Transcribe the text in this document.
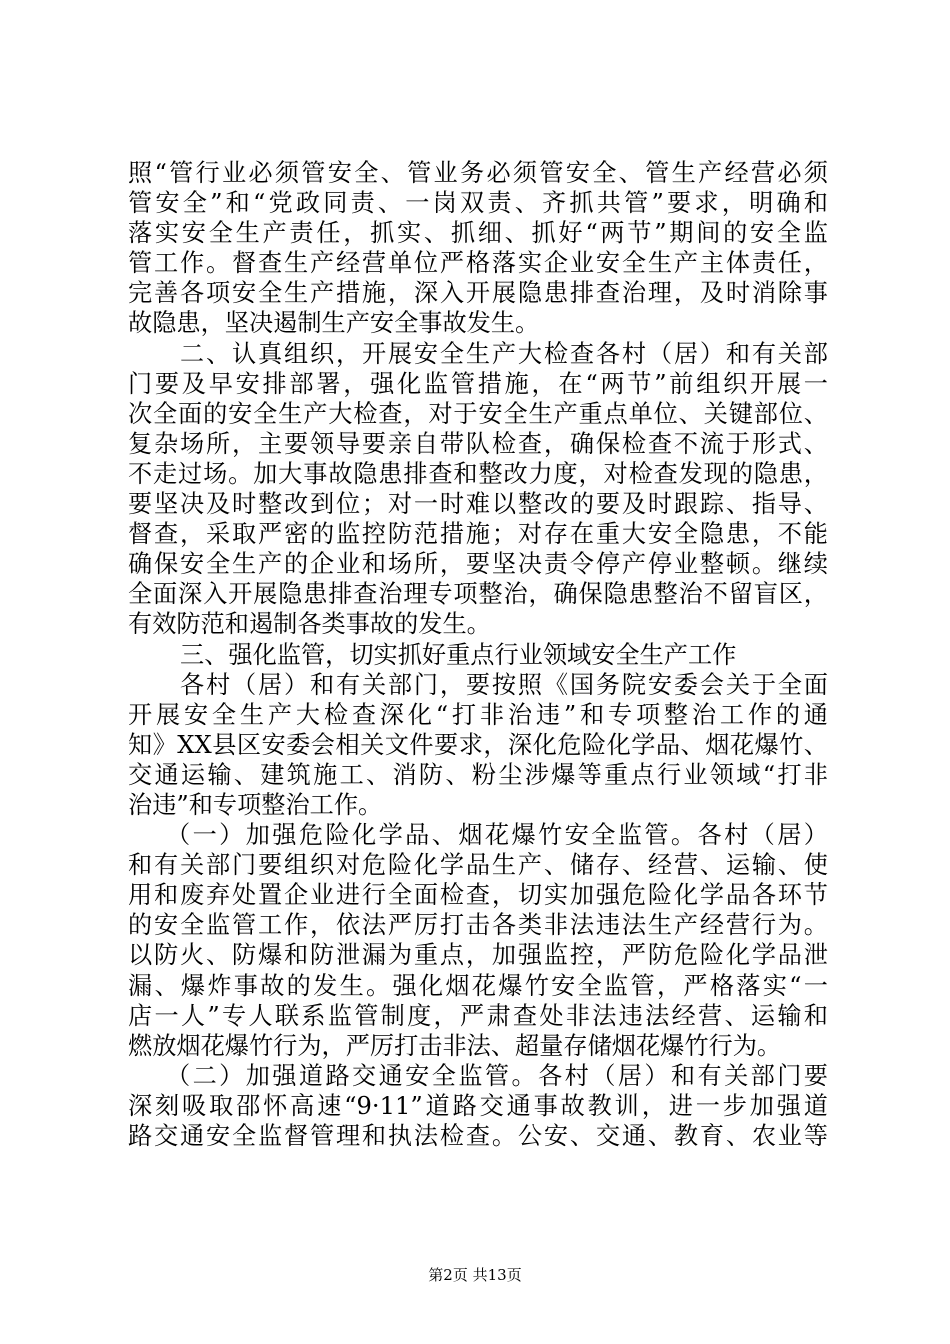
照“管行业必须管安全、管业务必须管安全、管生产经营必须
管安全”和“党政同责、一岗双责、齐抓共管”要求，明确和
落实安全生产责任，抓实、抓细、抓好“两节”期间的安全监
管工作。督查生产经营单位严格落实企业安全生产主体责任，
完善各项安全生产措施，深入开展隐患排查治理，及时消除事
故隐患，坚决遏制生产安全事故发生。
二、认真组织，开展安全生产大检查各村（居）和有关部
门要及早安排部署，强化监管措施，在“两节”前组织开展一
次全面的安全生产大检查，对于安全生产重点单位、关键部位、
复杂场所，主要领导要亲自带队检查，确保检查不流于形式、
不走过场。加大事故隐患排查和整改力度，对检查发现的隐患，
要坚决及时整改到位；对一时难以整改的要及时跟踪、指导、
督查，采取严密的监控防范措施；对存在重大安全隐患，不能
确保安全生产的企业和场所，要坚决责令停产停业整顿。继续
全面深入开展隐患排查治理专项整治，确保隐患整治不留盲区，
有效防范和遏制各类事故的发生。
三、强化监管，切实抓好重点行业领域安全生产工作
各村（居）和有关部门，要按照《国务院安委会关于全面
开展安全生产大检查深化“打非治违”和专项整治工作的通
知》XX县区安委会相关文件要求，深化危险化学品、烟花爆竹、
交通运输、建筑施工、消防、粉尘涉爆等重点行业领域“打非
治违”和专项整治工作。
（一）加强危险化学品、烟花爆竹安全监管。各村（居）
和有关部门要组织对危险化学品生产、储存、经营、运输、使
用和废弃处置企业进行全面检查，切实加强危险化学品各环节
的安全监管工作，依法严厉打击各类非法违法生产经营行为。
以防火、防爆和防泄漏为重点，加强监控，严防危险化学品泄
漏、爆炸事故的发生。强化烟花爆竹安全监管，严格落实“一
店一人”专人联系监管制度，严肃查处非法违法经营、运输和
燃放烟花爆竹行为，严厉打击非法、超量存储烟花爆竹行为。
（二）加强道路交通安全监管。各村（居）和有关部门要
深刻吸取邵怀高速“9·11”道路交通事故教训，进一步加强道
路交通安全监督管理和执法检查。公安、交通、教育、农业等
第2页 共13页
